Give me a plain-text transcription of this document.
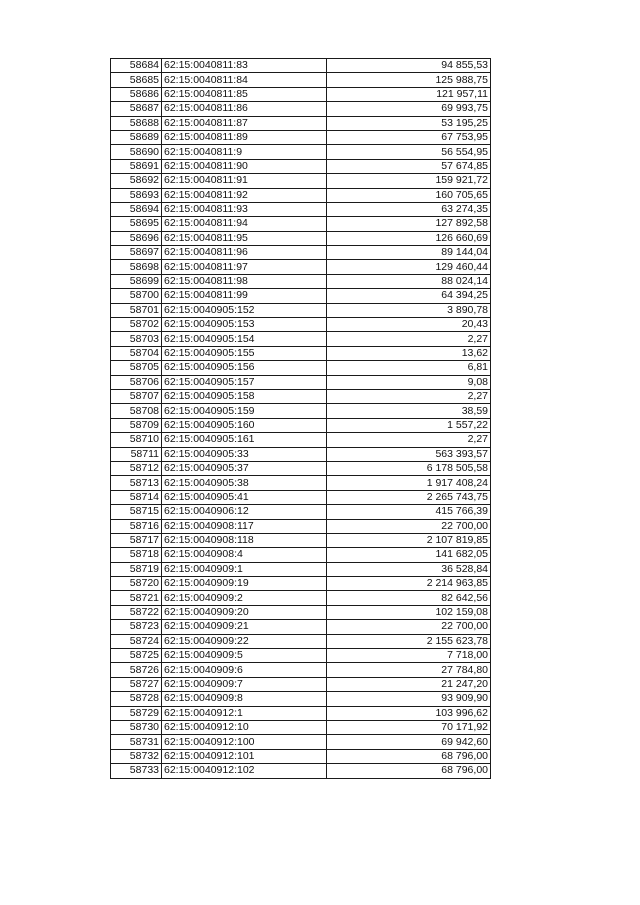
58684	62:15:0040811:83	94 855,53
58685	62:15:0040811:84	125 988,75
58686	62:15:0040811:85	121 957,11
58687	62:15:0040811:86	69 993,75
58688	62:15:0040811:87	53 195,25
58689	62:15:0040811:89	67 753,95
58690	62:15:0040811:9	56 554,95
58691	62:15:0040811:90	57 674,85
58692	62:15:0040811:91	159 921,72
58693	62:15:0040811:92	160 705,65
58694	62:15:0040811:93	63 274,35
58695	62:15:0040811:94	127 892,58
58696	62:15:0040811:95	126 660,69
58697	62:15:0040811:96	89 144,04
58698	62:15:0040811:97	129 460,44
58699	62:15:0040811:98	88 024,14
58700	62:15:0040811:99	64 394,25
58701	62:15:0040905:152	3 890,78
58702	62:15:0040905:153	20,43
58703	62:15:0040905:154	2,27
58704	62:15:0040905:155	13,62
58705	62:15:0040905:156	6,81
58706	62:15:0040905:157	9,08
58707	62:15:0040905:158	2,27
58708	62:15:0040905:159	38,59
58709	62:15:0040905:160	1 557,22
58710	62:15:0040905:161	2,27
58711	62:15:0040905:33	563 393,57
58712	62:15:0040905:37	6 178 505,58
58713	62:15:0040905:38	1 917 408,24
58714	62:15:0040905:41	2 265 743,75
58715	62:15:0040906:12	415 766,39
58716	62:15:0040908:117	22 700,00
58717	62:15:0040908:118	2 107 819,85
58718	62:15:0040908:4	141 682,05
58719	62:15:0040909:1	36 528,84
58720	62:15:0040909:19	2 214 963,85
58721	62:15:0040909:2	82 642,56
58722	62:15:0040909:20	102 159,08
58723	62:15:0040909:21	22 700,00
58724	62:15:0040909:22	2 155 623,78
58725	62:15:0040909:5	7 718,00
58726	62:15:0040909:6	27 784,80
58727	62:15:0040909:7	21 247,20
58728	62:15:0040909:8	93 909,90
58729	62:15:0040912:1	103 996,62
58730	62:15:0040912:10	70 171,92
58731	62:15:0040912:100	69 942,60
58732	62:15:0040912:101	68 796,00
58733	62:15:0040912:102	68 796,00
